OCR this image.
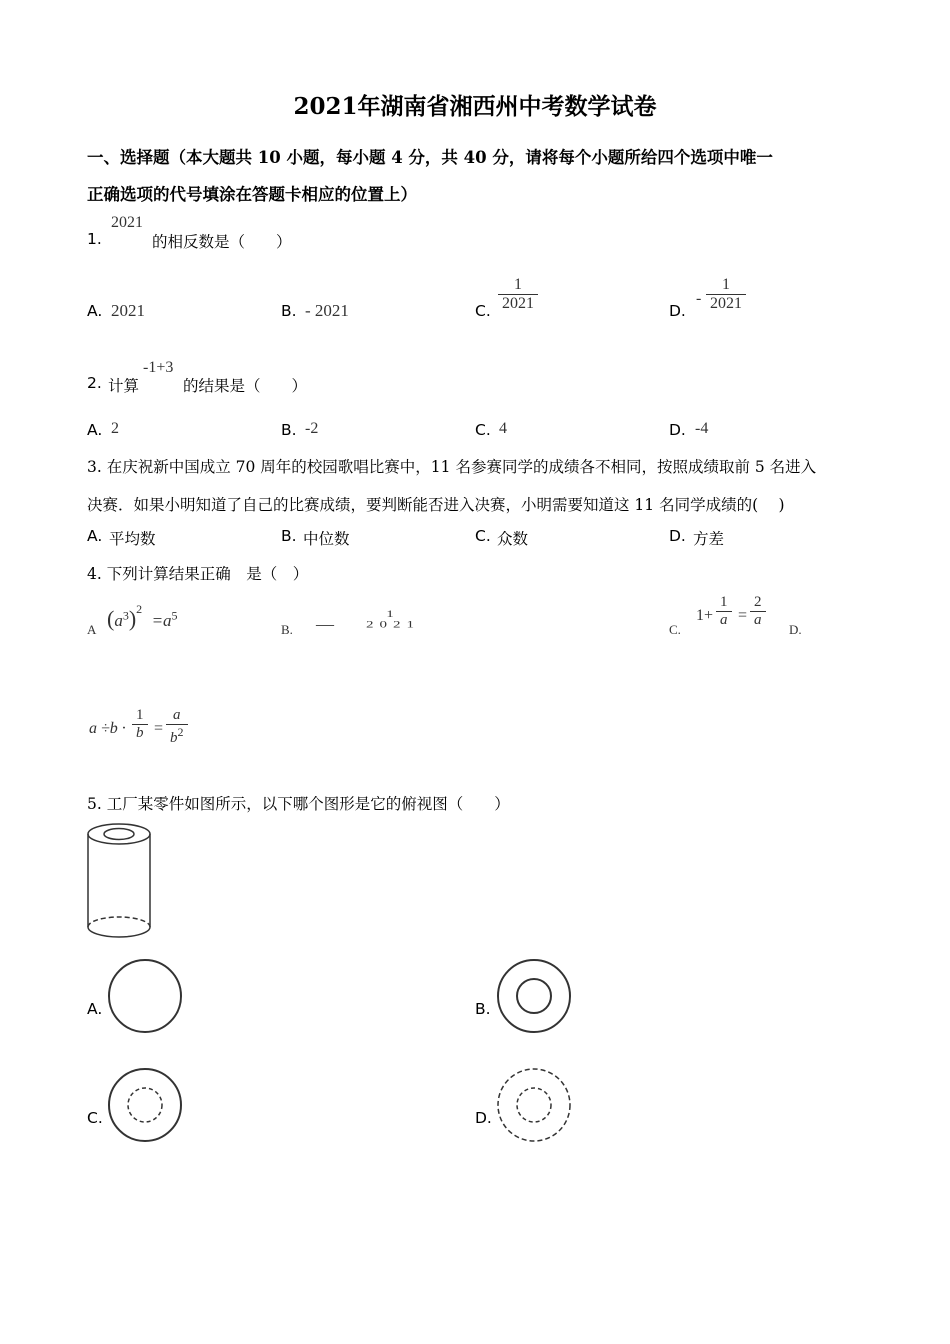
2021年湖南省湘西州中考数学试卷
一、选择题（本大题共 10 小题，每小题 4 分，共 40 分，请将每个小题所给四个选项中唯一
正确选项的代号填涂在答题卡相应的位置上）
1.
2021
的相反数是（　　）
A. 2021	B. - 2021	C. $\frac{1}{2021}$	D.
- $\frac{1}{2021}$
2. 计算
-1+3
的结果是（　　）
A. 2	B. -2	C. 4	D. -4
3. 在庆祝新中国成立 70 周年的校园歌唱比赛中，11 名参赛同学的成绩各不相同，按照成绩取前 5 名进入
决赛．如果小明知道了自己的比赛成绩，要判断能否进入决赛，小明需要知道这 11 名同学成绩的(　 )
A. 平均数	B. 中位数	C. 众数	D. 方差
4. 下列计算结果正确　是（　）
A $(a^3)^2 =a^5$
B. —	1
2021	C.
$1+ \frac{1}{a} = \frac{2}{a}$
D.
$a \div b \cdot \frac{1}{b} = \frac{a}{b^2}$
5. 工厂某零件如图所示，以下哪个图形是它的俯视图（　　）
A.	B.
C.	D.
